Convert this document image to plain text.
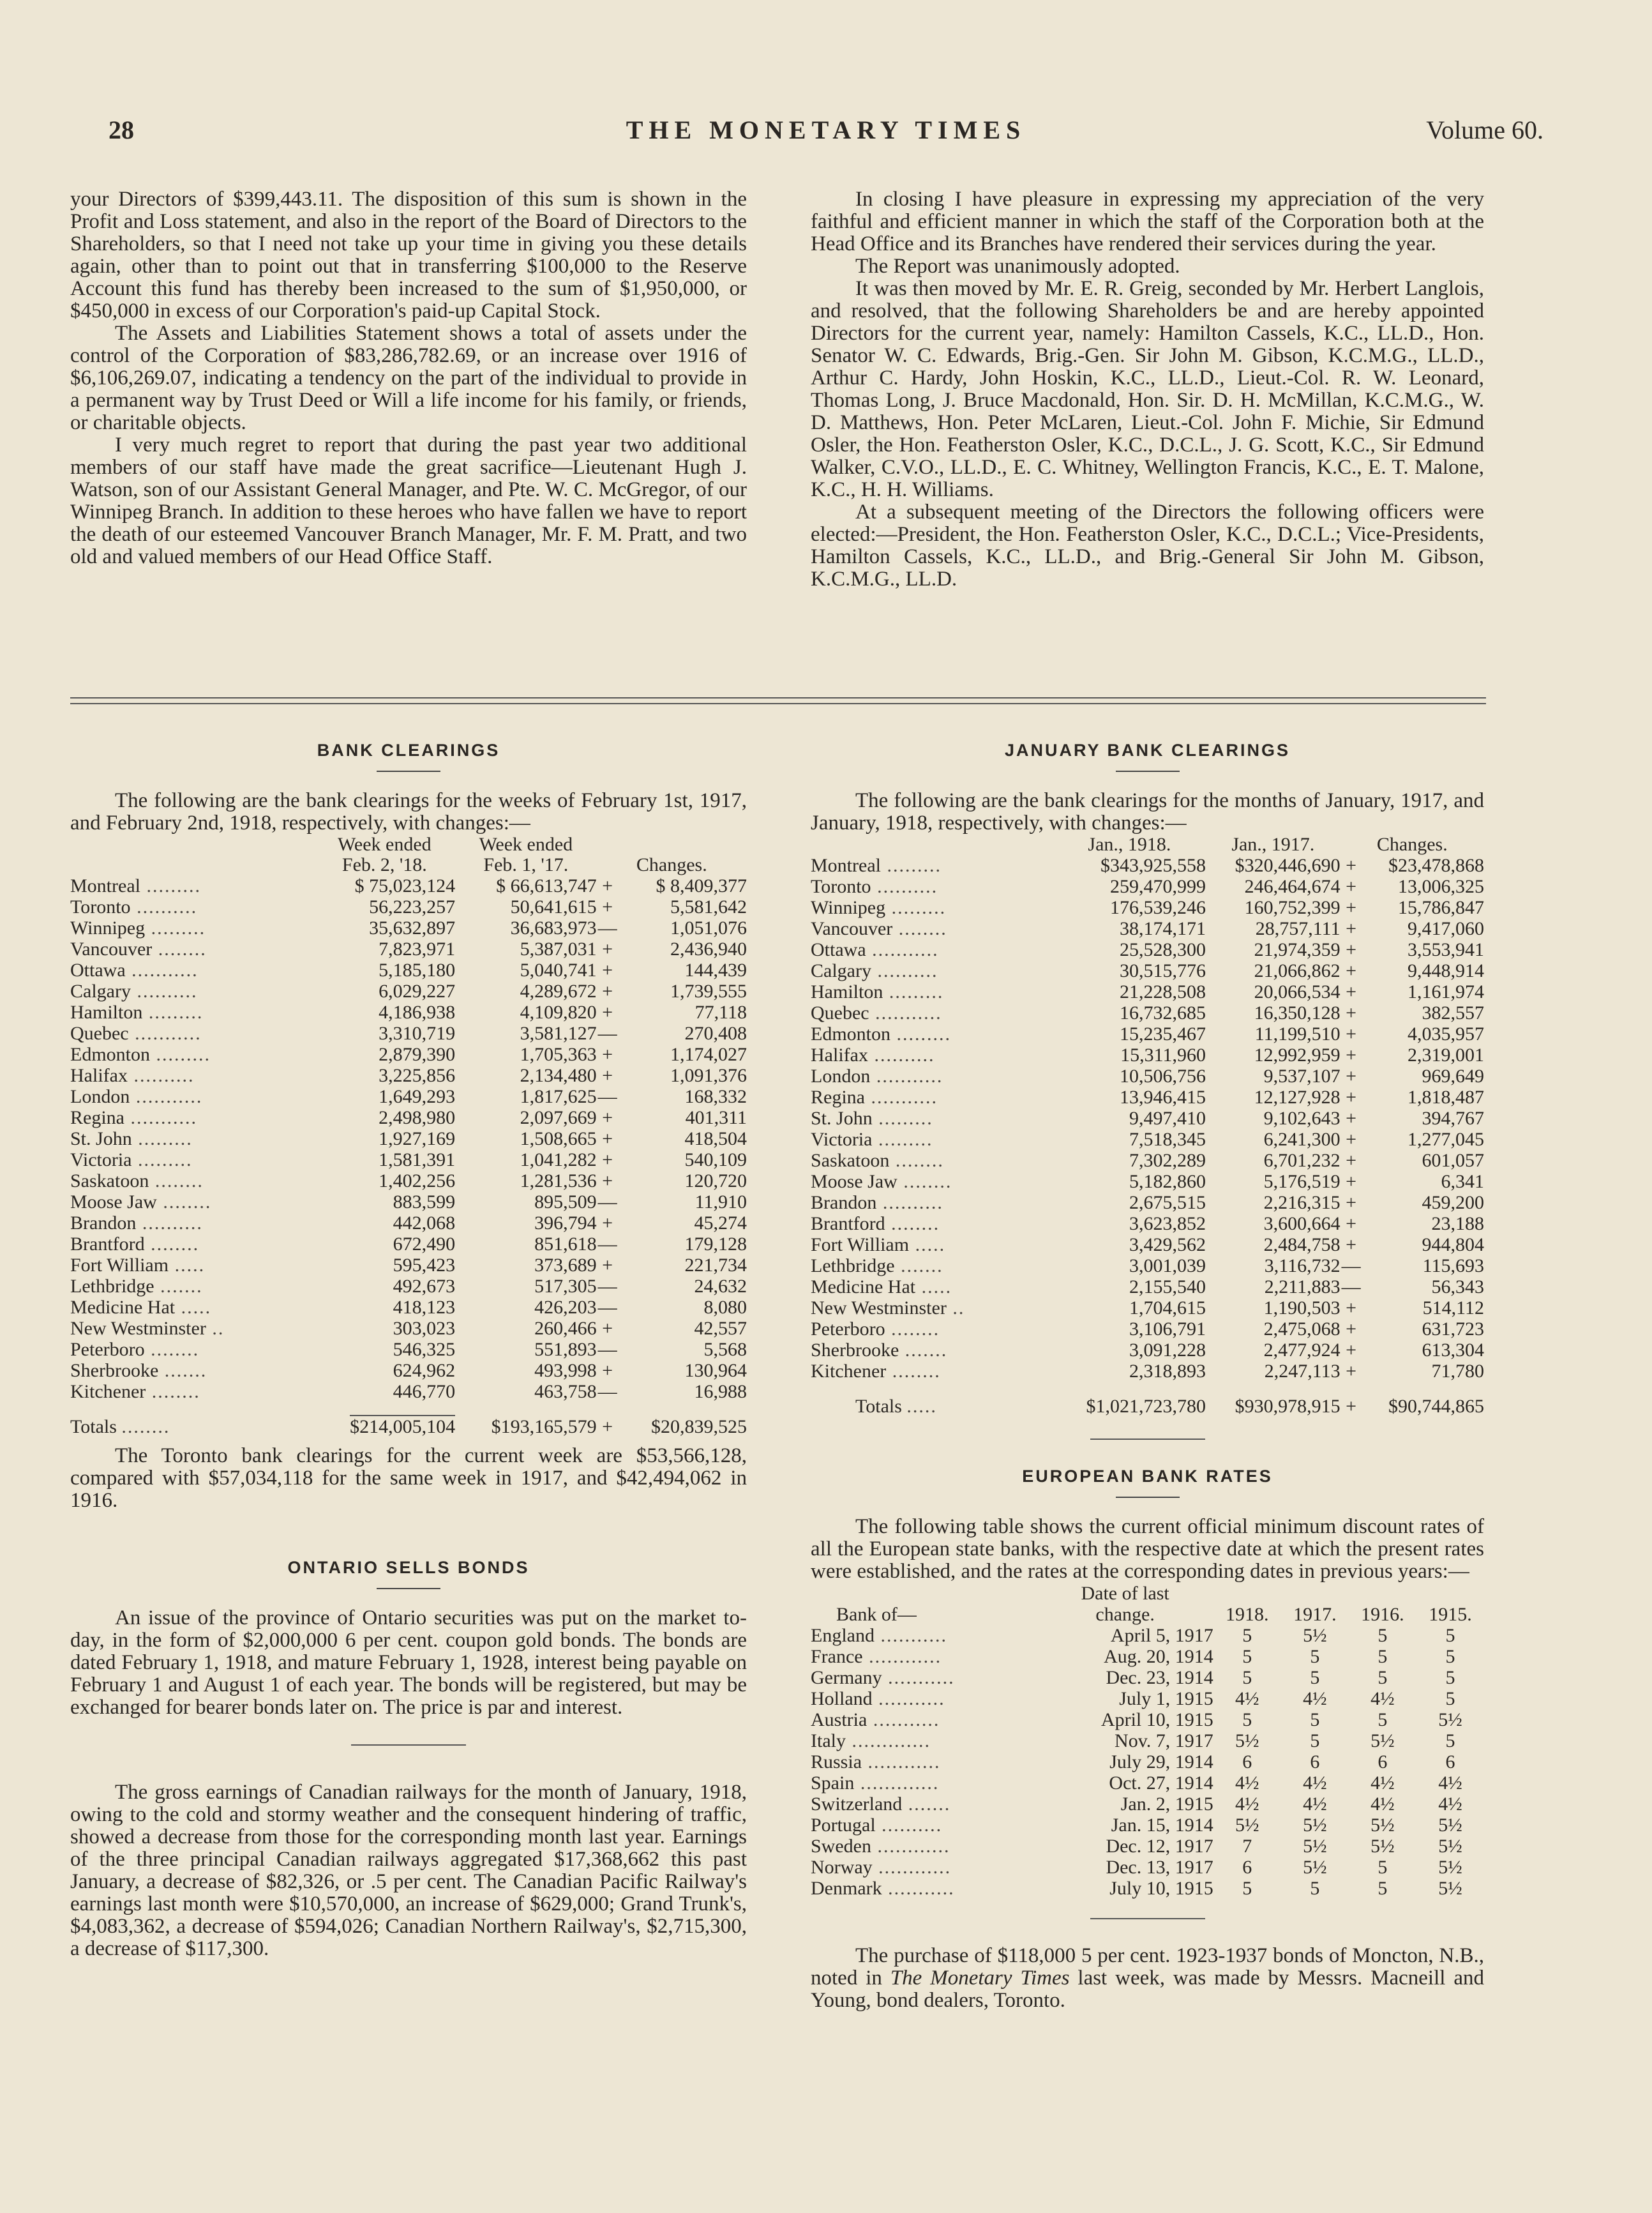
28	THE MONETARY TIMES	Volume 60.

your Directors of $399,443.11. The disposition of this sum is shown in the Profit and Loss statement, and also in the report of the Board of Directors to the Shareholders, so that I need not take up your time in giving you these details again, other than to point out that in transferring $100,000 to the Reserve Account this fund has thereby been increased to the sum of $1,950,000, or $450,000 in excess of our Corporation's paid-up Capital Stock.

The Assets and Liabilities Statement shows a total of assets under the control of the Corporation of $83,286,782.69, or an increase over 1916 of $6,106,269.07, indicating a tendency on the part of the individual to provide in a permanent way by Trust Deed or Will a life income for his family, or friends, or charitable objects.

I very much regret to report that during the past year two additional members of our staff have made the great sacrifice—Lieutenant Hugh J. Watson, son of our Assistant General Manager, and Pte. W. C. McGregor, of our Winnipeg Branch. In addition to these heroes who have fallen we have to report the death of our esteemed Vancouver Branch Manager, Mr. F. M. Pratt, and two old and valued members of our Head Office Staff.

In closing I have pleasure in expressing my appreciation of the very faithful and efficient manner in which the staff of the Corporation both at the Head Office and its Branches have rendered their services during the year.

The Report was unanimously adopted.

It was then moved by Mr. E. R. Greig, seconded by Mr. Herbert Langlois, and resolved, that the following Shareholders be and are hereby appointed Directors for the current year, namely: Hamilton Cassels, K.C., LL.D., Hon. Senator W. C. Edwards, Brig.-Gen. Sir John M. Gibson, K.C.M.G., LL.D., Arthur C. Hardy, John Hoskin, K.C., LL.D., Lieut.-Col. R. W. Leonard, Thomas Long, J. Bruce Macdonald, Hon. Sir. D. H. McMillan, K.C.M.G., W. D. Matthews, Hon. Peter McLaren, Lieut.-Col. John F. Michie, Sir Edmund Osler, the Hon. Featherston Osler, K.C., D.C.L., J. G. Scott, K.C., Sir Edmund Walker, C.V.O., LL.D., E. C. Whitney, Wellington Francis, K.C., E. T. Malone, K.C., H. H. Williams.

At a subsequent meeting of the Directors the following officers were elected:—President, the Hon. Featherston Osler, K.C., D.C.L.; Vice-Presidents, Hamilton Cassels, K.C., LL.D., and Brig.-General Sir John M. Gibson, K.C.M.G., LL.D.

BANK CLEARINGS

The following are the bank clearings for the weeks of February 1st, 1917, and February 2nd, 1918, respectively, with changes:—

	Week ended	Week ended		
	Feb. 2, '18.	Feb. 1, '17.	Changes.	
Montreal .........	$ 75,023,124	$ 66,613,747	+	$ 8,409,377
Toronto ..........	56,223,257	50,641,615	+	5,581,642
Winnipeg .........	35,632,897	36,683,973	—	1,051,076
Vancouver ........	7,823,971	5,387,031	+	2,436,940
Ottawa ...........	5,185,180	5,040,741	+	144,439
Calgary ..........	6,029,227	4,289,672	+	1,739,555
Hamilton .........	4,186,938	4,109,820	+	77,118
Quebec ...........	3,310,719	3,581,127	—	270,408
Edmonton .........	2,879,390	1,705,363	+	1,174,027
Halifax ..........	3,225,856	2,134,480	+	1,091,376
London ...........	1,649,293	1,817,625	—	168,332
Regina ...........	2,498,980	2,097,669	+	401,311
St. John .........	1,927,169	1,508,665	+	418,504
Victoria .........	1,581,391	1,041,282	+	540,109
Saskatoon ........	1,402,256	1,281,536	+	120,720
Moose Jaw ........	883,599	895,509	—	11,910
Brandon ..........	442,068	396,794	+	45,274
Brantford ........	672,490	851,618	—	179,128
Fort William .....	595,423	373,689	+	221,734
Lethbridge .......	492,673	517,305	—	24,632
Medicine Hat .....	418,123	426,203	—	8,080
New Westminster ..	303,023	260,466	+	42,557
Peterboro ........	546,325	551,893	—	5,568
Sherbrooke .......	624,962	493,998	+	130,964
Kitchener ........	446,770	463,758	—	16,988
Totals ........	$214,005,104	$193,165,579	+	$20,839,525

The Toronto bank clearings for the current week are $53,566,128, compared with $57,034,118 for the same week in 1917, and $42,494,062 in 1916.

ONTARIO SELLS BONDS

An issue of the province of Ontario securities was put on the market to-day, in the form of $2,000,000 6 per cent. coupon gold bonds. The bonds are dated February 1, 1918, and mature February 1, 1928, interest being payable on February 1 and August 1 of each year. The bonds will be registered, but may be exchanged for bearer bonds later on. The price is par and interest.

The gross earnings of Canadian railways for the month of January, 1918, owing to the cold and stormy weather and the consequent hindering of traffic, showed a decrease from those for the corresponding month last year. Earnings of the three principal Canadian railways aggregated $17,368,662 this past January, a decrease of $82,326, or .5 per cent. The Canadian Pacific Railway's earnings last month were $10,570,000, an increase of $629,000; Grand Trunk's, $4,083,362, a decrease of $594,026; Canadian Northern Railway's, $2,715,300, a decrease of $117,300.

JANUARY BANK CLEARINGS

The following are the bank clearings for the months of January, 1917, and January, 1918, respectively, with changes:—

	Jan., 1918.	Jan., 1917.	Changes.	
Montreal .........	$343,925,558	$320,446,690	+	$23,478,868
Toronto ..........	259,470,999	246,464,674	+	13,006,325
Winnipeg .........	176,539,246	160,752,399	+	15,786,847
Vancouver ........	38,174,171	28,757,111	+	9,417,060
Ottawa ...........	25,528,300	21,974,359	+	3,553,941
Calgary ..........	30,515,776	21,066,862	+	9,448,914
Hamilton .........	21,228,508	20,066,534	+	1,161,974
Quebec ...........	16,732,685	16,350,128	+	382,557
Edmonton .........	15,235,467	11,199,510	+	4,035,957
Halifax ..........	15,311,960	12,992,959	+	2,319,001
London ...........	10,506,756	9,537,107	+	969,649
Regina ...........	13,946,415	12,127,928	+	1,818,487
St. John .........	9,497,410	9,102,643	+	394,767
Victoria .........	7,518,345	6,241,300	+	1,277,045
Saskatoon ........	7,302,289	6,701,232	+	601,057
Moose Jaw ........	5,182,860	5,176,519	+	6,341
Brandon ..........	2,675,515	2,216,315	+	459,200
Brantford ........	3,623,852	3,600,664	+	23,188
Fort William .....	3,429,562	2,484,758	+	944,804
Lethbridge .......	3,001,039	3,116,732	—	115,693
Medicine Hat .....	2,155,540	2,211,883	—	56,343
New Westminster ..	1,704,615	1,190,503	+	514,112
Peterboro ........	3,106,791	2,475,068	+	631,723
Sherbrooke .......	3,091,228	2,477,924	+	613,304
Kitchener ........	2,318,893	2,247,113	+	71,780
Totals .....	$1,021,723,780	$930,978,915	+	$90,744,865
EUROPEAN BANK RATES

The following table shows the current official minimum discount rates of all the European state banks, with the respective date at which the present rates were established, and the rates at the corresponding dates in previous years:—

	Date of last				
Bank of—	change.	1918.	1917.	1916.	1915.
England ...........	April 5, 1917	5	5½	5	5
France ............	Aug. 20, 1914	5	5	5	5
Germany ...........	Dec. 23, 1914	5	5	5	5
Holland ...........	July 1, 1915	4½	4½	4½	5
Austria ...........	April 10, 1915	5	5	5	5½
Italy .............	Nov. 7, 1917	5½	5	5½	5
Russia ............	July 29, 1914	6	6	6	6
Spain .............	Oct. 27, 1914	4½	4½	4½	4½
Switzerland .......	Jan. 2, 1915	4½	4½	4½	4½
Portugal ..........	Jan. 15, 1914	5½	5½	5½	5½
Sweden ............	Dec. 12, 1917	7	5½	5½	5½
Norway ............	Dec. 13, 1917	6	5½	5	5½
Denmark ...........	July 10, 1915	5	5	5	5½

The purchase of $118,000 5 per cent. 1923-1937 bonds of Moncton, N.B., noted in The Monetary Times last week, was made by Messrs. Macneill and Young, bond dealers, Toronto.
